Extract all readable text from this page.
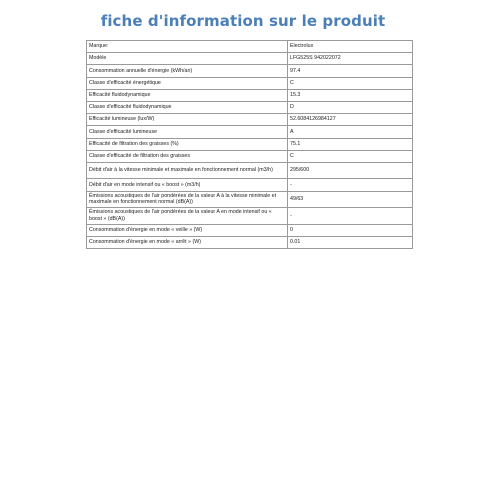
fiche d'information sur le produit
Marque:	Electrolux
Modèle	LFG525S 942022072
Consommation annuelle d'énergie (kWh/an)	97.4
Classe d'efficacité énergétique	C
Efficacité fluidodynamique	15.3
Classe d'efficacité fluidodynamique	D
Efficacité lumineuse (lux/W)	52.6084126984127
Classe d'efficacité lumineuse	A
Efficacité de filtration des graisses (%)	75.1
Classe d'efficacité de filtration des graisses	C
Débit d'air à la vitesse minimale et maximale en fonctionnement normal (m3/h)	295/600
Débit d'air en mode intensif ou « boost » (m3/h)	-
Émissions acoustiques de l'air pondérées de la valeur A à la vitesse minimale et maximale en fonctionnement normal (dB(A))	49/63
Émissions acoustiques de l'air pondérées de la valeur A en mode intensif ou « boost » (dB(A))	-
Consommation d'énergie en mode « veille » (W)	0
Consommation d'énergie en mode « arrêt » (W)	0.01
